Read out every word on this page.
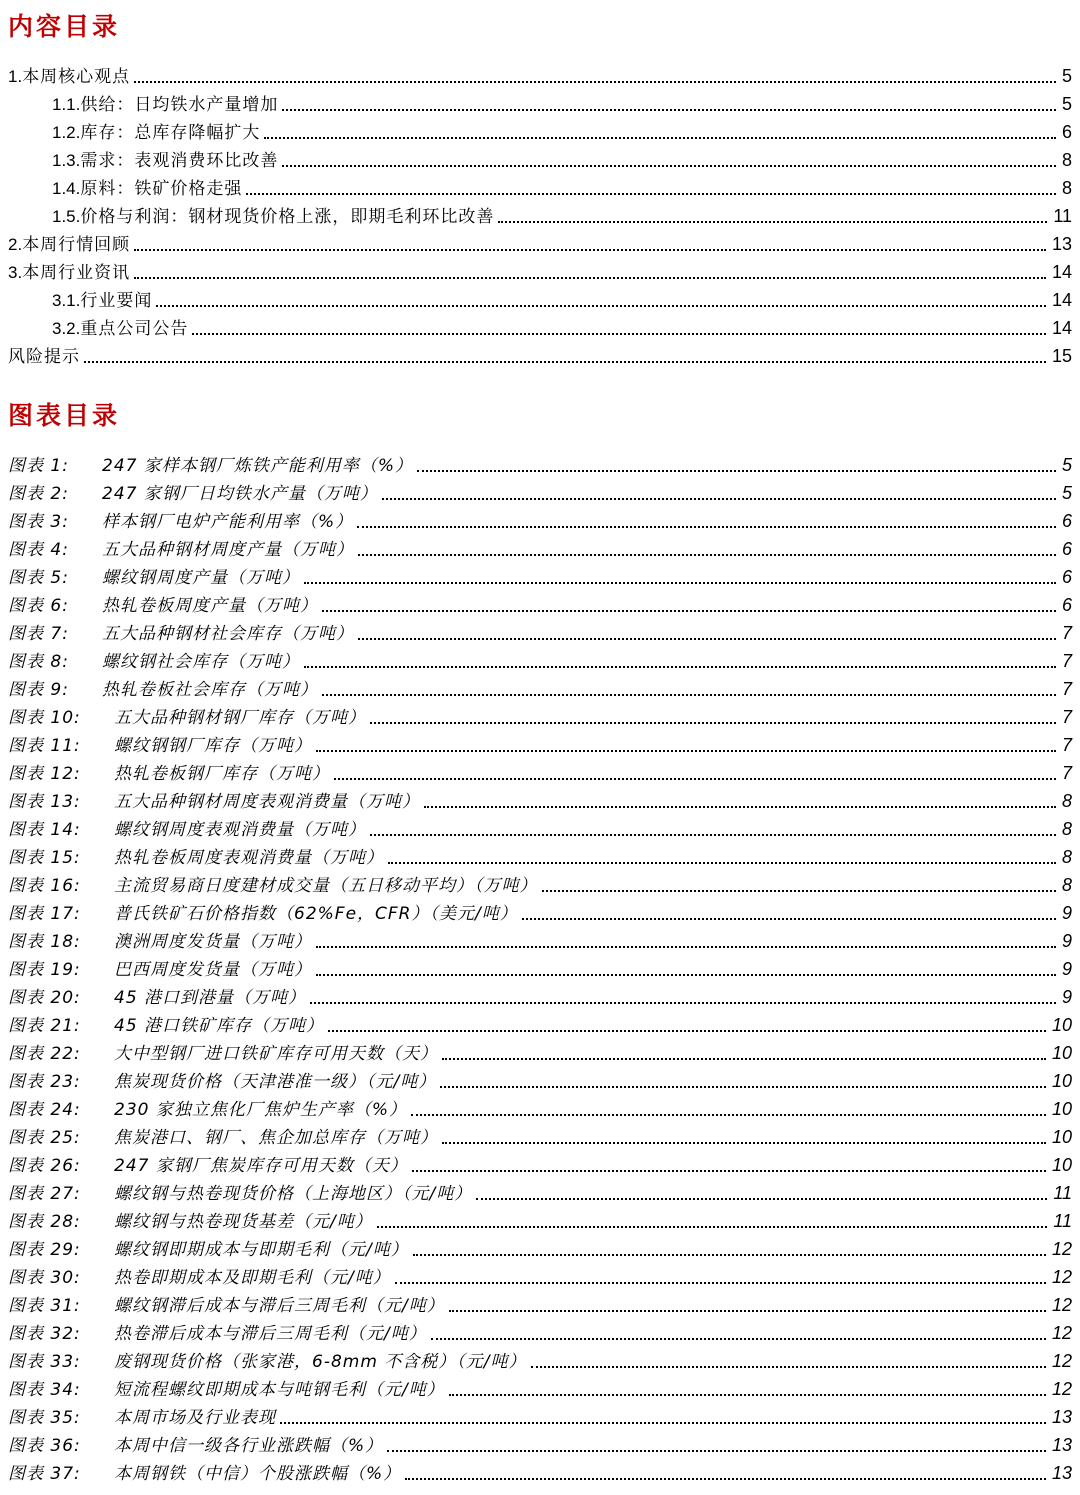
内容目录
1. 本周核心观点	5
1.1. 供给：日均铁水产量增加	5
1.2. 库存：总库存降幅扩大	6
1.3. 需求：表观消费环比改善	8
1.4. 原料：铁矿价格走强	8
1.5. 价格与利润：钢材现货价格上涨，即期毛利环比改善	11
2. 本周行情回顾	13
3. 本周行业资讯	14
3.1. 行业要闻	14
3.2. 重点公司公告	14
风险提示	15
图表目录
图表 1:	247 家样本钢厂炼铁产能利用率（%）	5
图表 2:	247 家钢厂日均铁水产量（万吨）	5
图表 3:	样本钢厂电炉产能利用率（%）	6
图表 4:	五大品种钢材周度产量（万吨）	6
图表 5:	螺纹钢周度产量（万吨）	6
图表 6:	热轧卷板周度产量（万吨）	6
图表 7:	五大品种钢材社会库存（万吨）	7
图表 8:	螺纹钢社会库存（万吨）	7
图表 9:	热轧卷板社会库存（万吨）	7
图表 10:	五大品种钢材钢厂库存（万吨）	7
图表 11:	螺纹钢钢厂库存（万吨）	7
图表 12:	热轧卷板钢厂库存（万吨）	7
图表 13:	五大品种钢材周度表观消费量（万吨）	8
图表 14:	螺纹钢周度表观消费量（万吨）	8
图表 15:	热轧卷板周度表观消费量（万吨）	8
图表 16:	主流贸易商日度建材成交量（五日移动平均）（万吨）	8
图表 17:	普氏铁矿石价格指数（62%Fe，CFR）（美元/吨）	9
图表 18:	澳洲周度发货量（万吨）	9
图表 19:	巴西周度发货量（万吨）	9
图表 20:	45 港口到港量（万吨）	9
图表 21:	45 港口铁矿库存（万吨）	10
图表 22:	大中型钢厂进口铁矿库存可用天数（天）	10
图表 23:	焦炭现货价格（天津港准一级）（元/吨）	10
图表 24:	230 家独立焦化厂焦炉生产率（%）	10
图表 25:	焦炭港口、钢厂、焦企加总库存（万吨）	10
图表 26:	247 家钢厂焦炭库存可用天数（天）	10
图表 27:	螺纹钢与热卷现货价格（上海地区）（元/吨）	11
图表 28:	螺纹钢与热卷现货基差（元/吨）	11
图表 29:	螺纹钢即期成本与即期毛利（元/吨）	12
图表 30:	热卷即期成本及即期毛利（元/吨）	12
图表 31:	螺纹钢滞后成本与滞后三周毛利（元/吨）	12
图表 32:	热卷滞后成本与滞后三周毛利（元/吨）	12
图表 33:	废钢现货价格（张家港，6-8mm 不含税）（元/吨）	12
图表 34:	短流程螺纹即期成本与吨钢毛利（元/吨）	12
图表 35:	本周市场及行业表现	13
图表 36:	本周中信一级各行业涨跌幅（%）	13
图表 37:	本周钢铁（中信）个股涨跌幅（%）	13
